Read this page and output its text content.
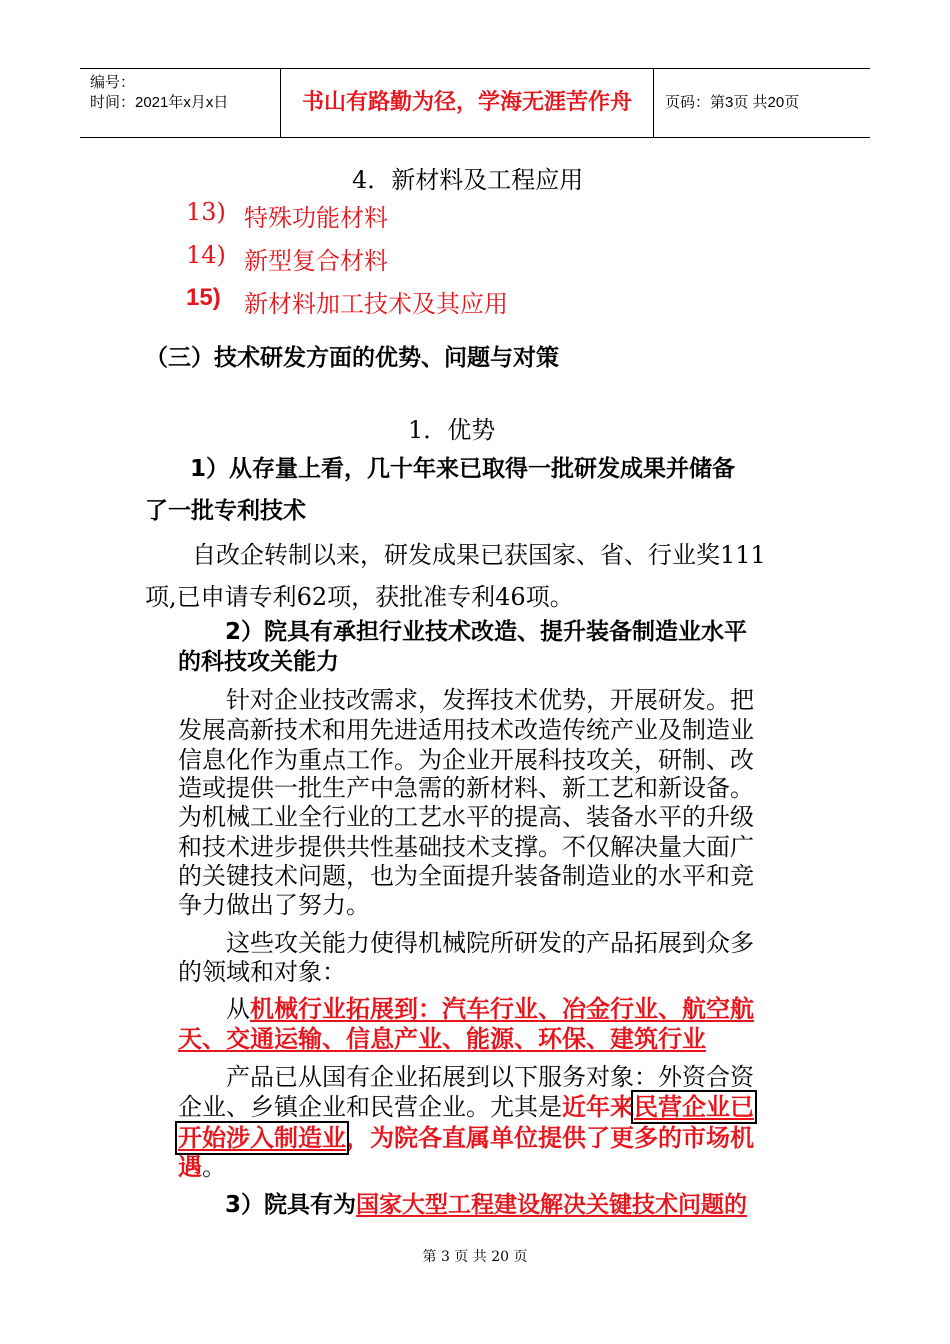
编号：
时间：2021年x月x日	书山有路勤为径，学海无涯苦作舟	页码：第3页 共20页
4．新材料及工程应用
13) 特殊功能材料
14) 新型复合材料
15) 新材料加工技术及其应用
（三）技术研发方面的优势、问题与对策
1．优势
1）从存量上看，几十年来已取得一批研发成果并储备
了一批专利技术
自改企转制以来，研发成果已获国家、省、行业奖111
项,已申请专利62项，获批准专利46项。
2）院具有承担行业技术改造、提升装备制造业水平
的科技攻关能力
针对企业技改需求，发挥技术优势，开展研发。把
发展高新技术和用先进适用技术改造传统产业及制造业
信息化作为重点工作。为企业开展科技攻关，研制、改
造或提供一批生产中急需的新材料、新工艺和新设备。
为机械工业全行业的工艺水平的提高、装备水平的升级
和技术进步提供共性基础技术支撑。不仅解决量大面广
的关键技术问题，也为全面提升装备制造业的水平和竞
争力做出了努力。
这些攻关能力使得机械院所研发的产品拓展到众多
的领域和对象：
从机械行业拓展到：汽车行业、冶金行业、航空航
天、交通运输、信息产业、能源、环保、建筑行业
产品已从国有企业拓展到以下服务对象：外资合资
企业、乡镇企业和民营企业。尤其是近年来民营企业已
开始涉入制造业，为院各直属单位提供了更多的市场机
遇。
3）院具有为国家大型工程建设解决关键技术问题的
第 3 页 共 20 页
